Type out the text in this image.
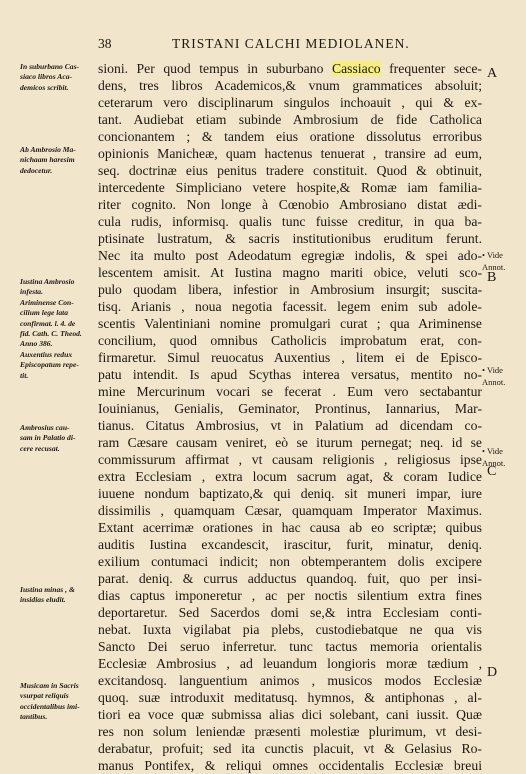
38	TRISTANI CALCHI MEDIOLANEN.
sioni. Per quod tempus in suburbano Cassiaco frequenter sece-
dens, tres libros Academicos,& vnum grammatices absoluit;
ceterarum vero disciplinarum singulos inchoauit , qui & ex-
tant. Audiebat etiam subinde Ambrosium de fide Catholica
concionantem ; & tandem eius oratione dissolutus erroribus
opinionis Manicheæ, quam hactenus tenuerat , transire ad eum,
seq. doctrinæ eius penitus tradere constituit. Quod & obtinuit,
intercedente Simpliciano vetere hospite,& Romæ iam familia-
riter cognito. Non longe à Cœnobio Ambrosiano distat ædi-
cula rudis, informisq. qualis tunc fuisse creditur, in qua ba-
ptisinate lustratum, & sacris institutionibus eruditum ferunt.
Nec ita multo post Adeodatum egregiæ indolis, & spei ado-
lescentem amisit. At Iustina magno mariti obice, veluti sco-
pulo quodam libera, infestior in Ambrosium insurgit; suscita-
tisq. Arianis , noua negotia facessit. legem enim sub adole-
scentis Valentiniani nomine promulgari curat ; qua Ariminense
concilium, quod omnibus Catholicis improbatum erat, con-
firmaretur. Simul reuocatus Auxentius , litem ei de Episco-
patu intendit. Is apud Scythas interea versatus, mentito no-
mine Mercurinum vocari se fecerat . Eum vero sectabantur
Iouinianus, Genialis, Geminator, Prontinus, Iannarius, Mar-
tianus. Citatus Ambrosius, vt in Palatium ad dicendam co-
ram Cæsare causam veniret, eò se iturum pernegat; neq. id se
commissurum affirmat , vt causam religionis , religiosus ipse
extra Ecclesiam , extra locum sacrum agat, & coram Iudice
iuuene nondum baptizato,& qui deniq. sit muneri impar, iure
dissimilis , quamquam Cæsar, quamquam Imperator Maximus.
Extant acerrimæ orationes in hac causa ab eo scriptæ; quibus
auditis Iustina excandescit, irascitur, furit, minatur, deniq.
exilium contumaci indicit; non obtemperantem dolis excipere
parat. deniq. & currus adductus quandoq. fuit, quo per insi-
dias captus imponeretur , ac per noctis silentium extra fines
deportaretur. Sed Sacerdos domi se,& intra Ecclesiam conti-
nebat. Iuxta vigilabat pia plebs, custodiebatque ne qua vis
Sancto Dei seruo inferretur. tunc tactus memoria orientalis
Ecclesiæ Ambrosius , ad leuandum longioris moræ tædium ,
excitandosq. languentium animos , musicos modos Ecclesiæ
quoq. suæ introduxit meditatusq. hymnos, & antiphonas , al-
tiori ea voce quæ submissa alias dici solebant, cani iussit. Quæ
res non solum leniendæ præsenti molestiæ plurimum, vt desi-
derabatur, profuit; sed ita cunctis placuit, vt & Gelasius Ro-
manus Pontifex, & reliqui omnes occidentalis Ecclesiæ breui
In suburbano Cas-
siaco libros Aca-
demicos scribit.
Ab Ambrosio Ma-
nichaam haresim
dedocetur.
Iustina Ambrosio
infesta.
Ariminense Con-
cilium lege lata
confirmat. l. 4. de
fid. Cath. C. Theod.
Anno 386.
Auxentius redux
Episcopatum repe-
tit.
Ambrosius cau-
sam in Palatio di-
cere recusat.
Iustina minas , &
insidias eludit.
Musicam in Sacris
vsurpat reliquis
occidentalibus imi-
tantibus.
• Vide
Annot.
• Vide
Annot.
• Vide
Annot.
A
B
C
D
